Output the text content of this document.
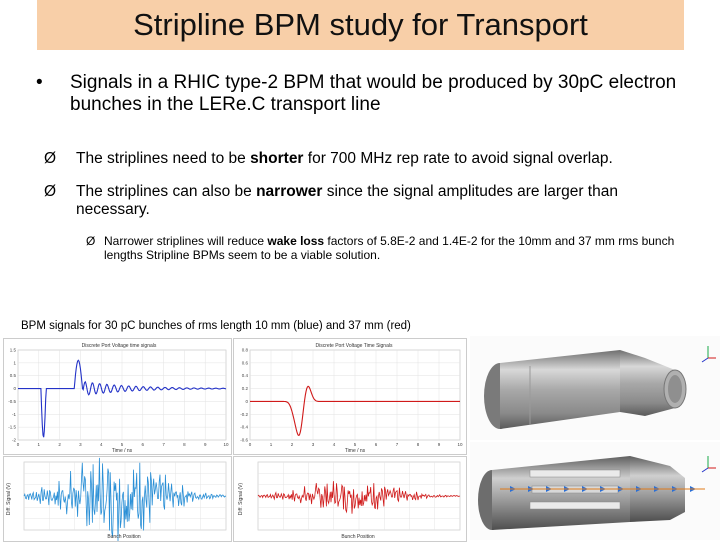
Stripline BPM study for Transport
• Signals in a RHIC type-2 BPM that would be produced by 30pC electron bunches in the LERe.C transport line
Ø The striplines need to be shorter for 700 MHz rep rate to avoid signal overlap.
Ø The striplines can also be narrower since the signal amplitudes are larger than necessary.
Ø Narrower striplines will reduce wake loss factors of 5.8E-2 and 1.4E-2 for the 10mm and 37 mm rms bunch lengths Stripline BPMs seem to be a viable solution.
BPM signals for 30 pC bunches of rms length 10 mm (blue) and 37 mm (red)
Discrete Port Voltage time signals
1.5
1
0.5
0
-0.5
-1
-1.5
-2
0	1	2	3	4	5	6	7	8	9	10
Time / ns
Discrete Port Voltage Time Signals
0.8
0.6
0.4
0.2
0
-0.2
-0.4
-0.6
0	1	2	3	4	5	6	7	8	9	10
Time / ns
Diff. Signal (V)
Bunch Position
Diff. Signal (V)
Bunch Position
